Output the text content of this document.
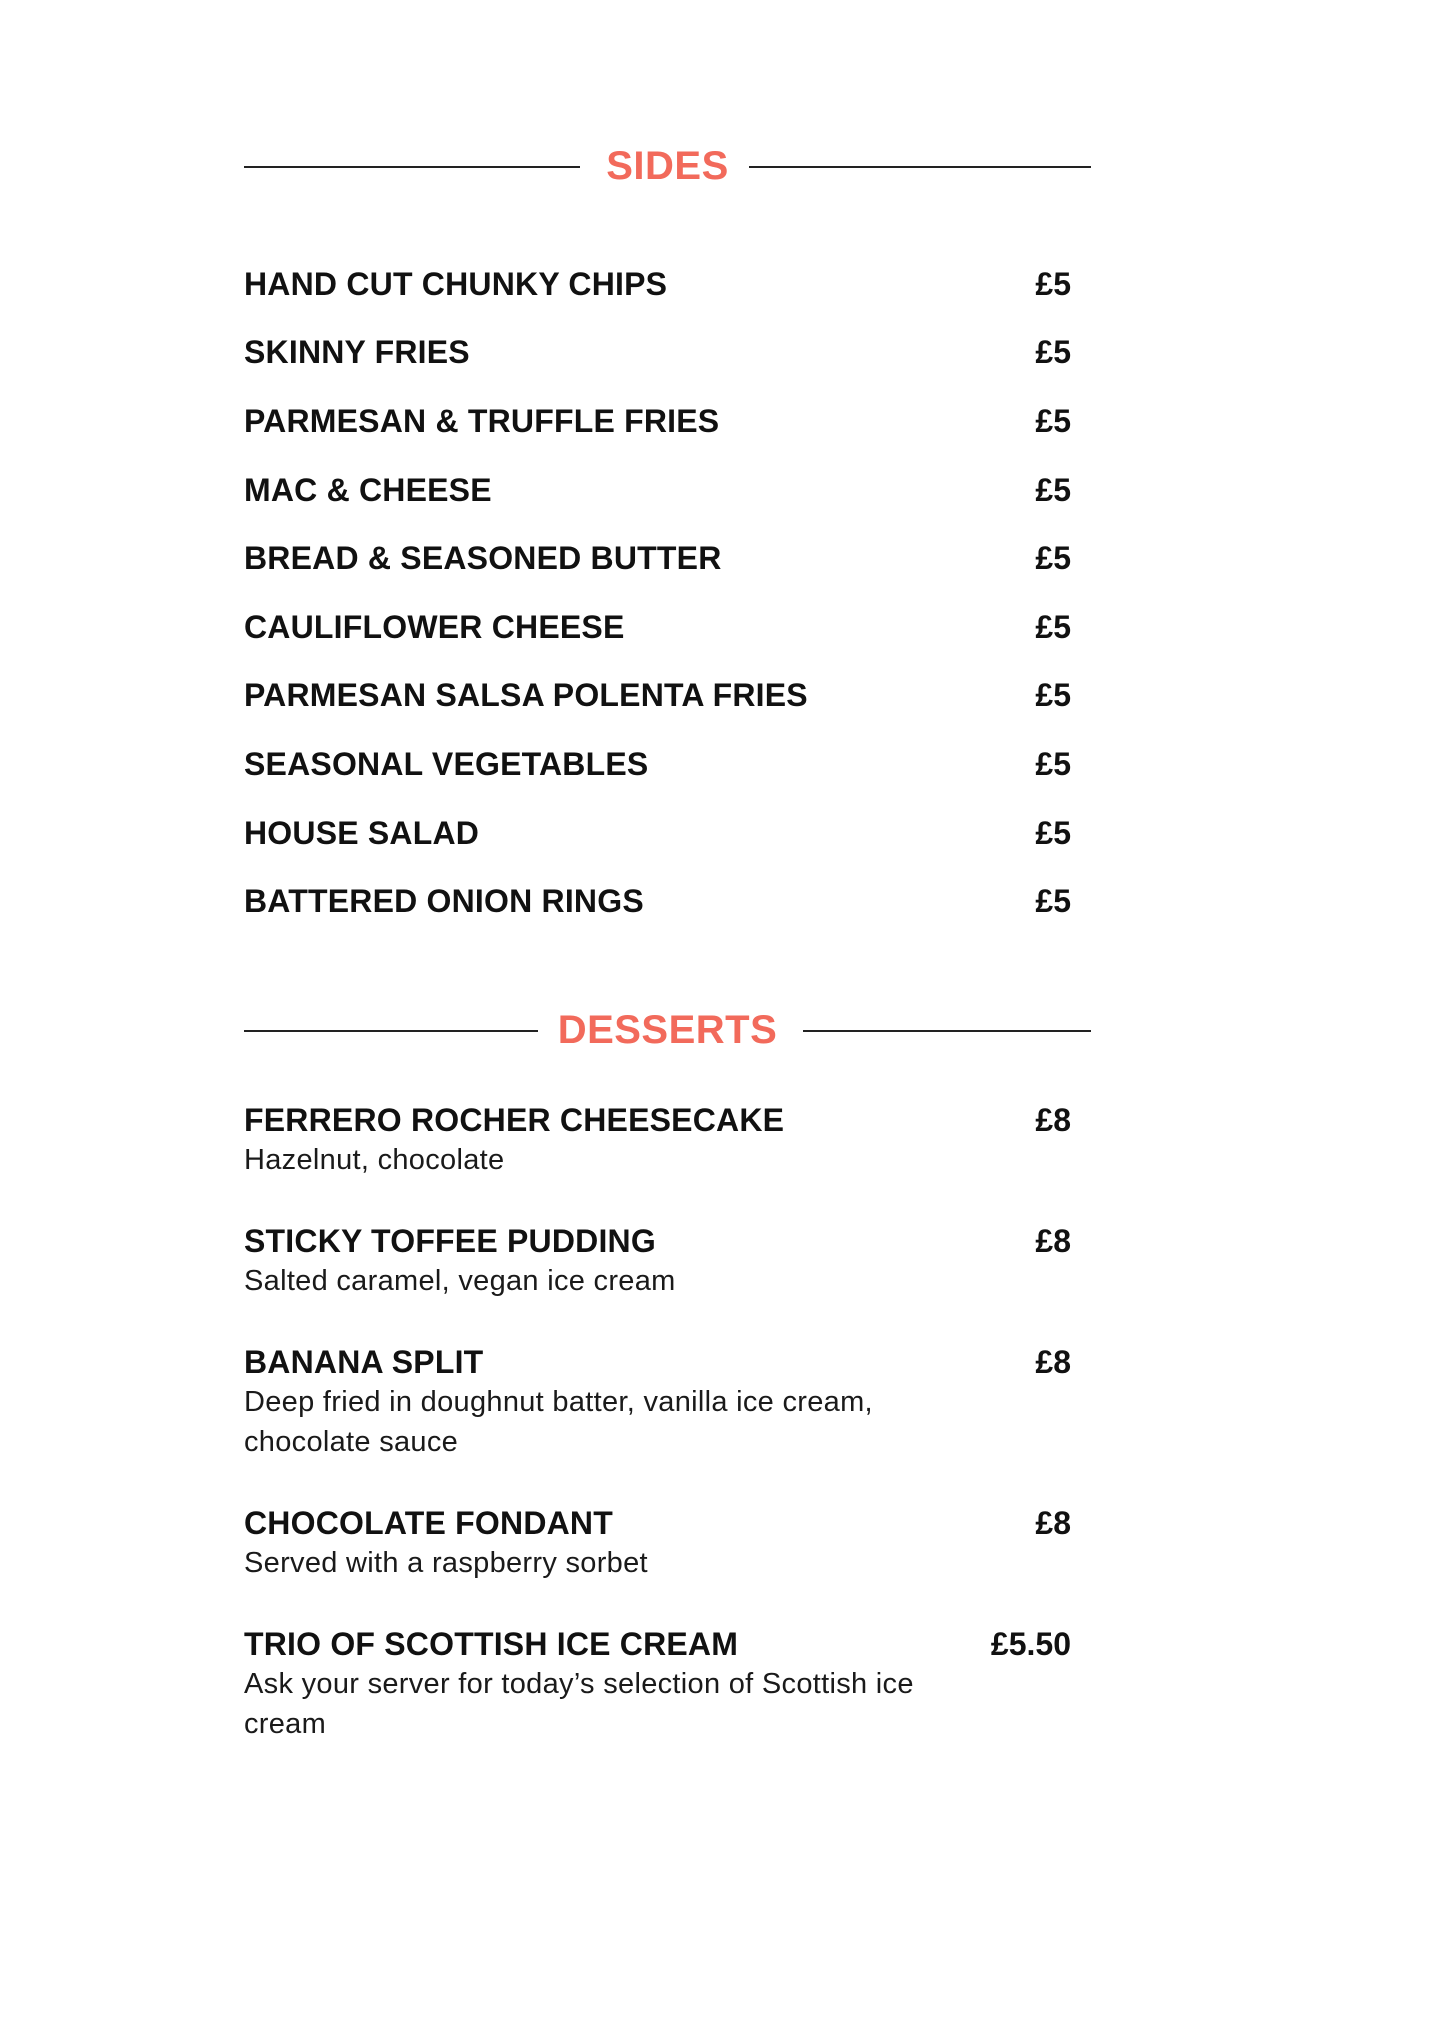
SIDES
HAND CUT CHUNKY CHIPS	£5
SKINNY FRIES	£5
PARMESAN & TRUFFLE FRIES	£5
MAC & CHEESE	£5
BREAD & SEASONED BUTTER	£5
CAULIFLOWER CHEESE	£5
PARMESAN SALSA POLENTA FRIES	£5
SEASONAL VEGETABLES	£5
HOUSE SALAD	£5
BATTERED ONION RINGS	£5
DESSERTS
FERRERO ROCHER CHEESECAKE	£8
Hazelnut, chocolate
STICKY TOFFEE PUDDING	£8
Salted caramel, vegan ice cream
BANANA SPLIT	£8
Deep fried in doughnut batter, vanilla ice cream, chocolate sauce
CHOCOLATE FONDANT	£8
Served with a raspberry sorbet
TRIO OF SCOTTISH ICE CREAM	£5.50
Ask your server for today’s selection of Scottish ice cream
